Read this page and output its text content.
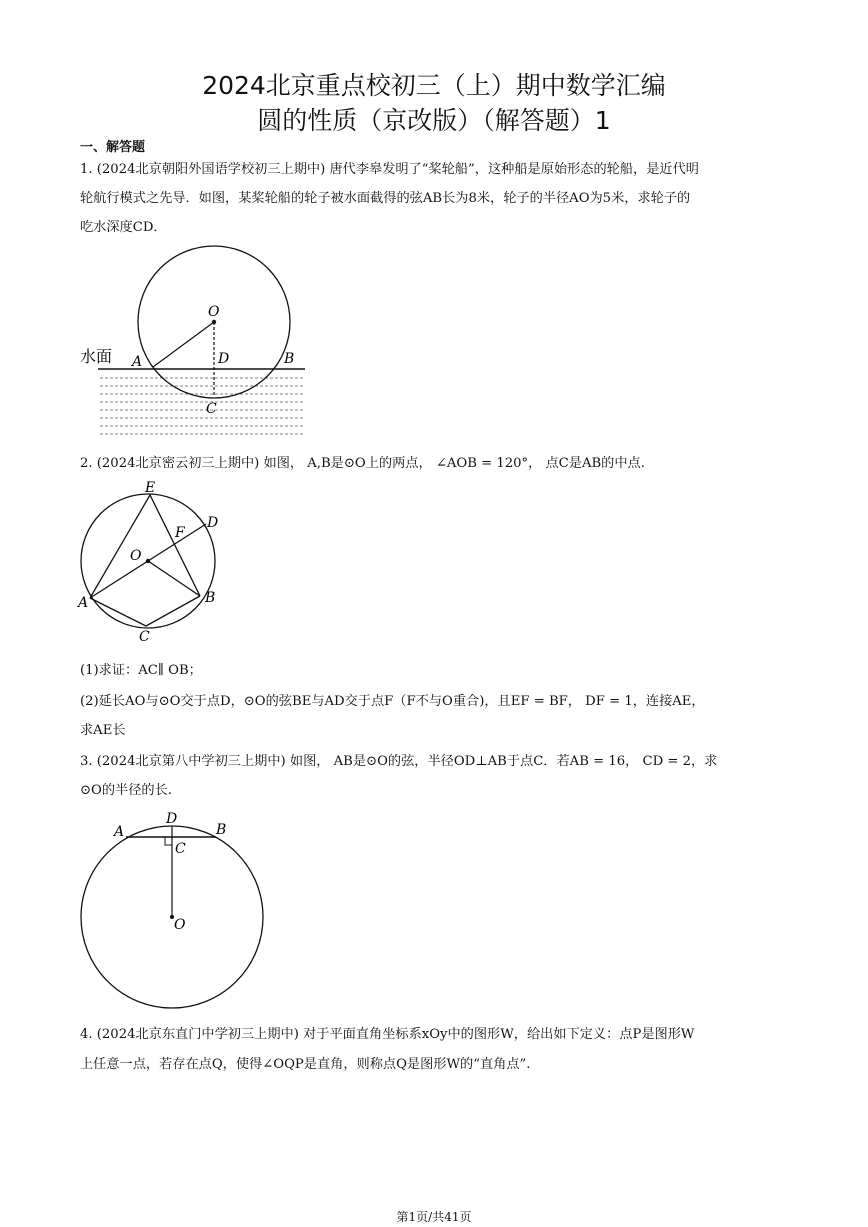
2024北京重点校初三（上）期中数学汇编
圆的性质（京改版）（解答题）1
一、解答题
1. (2024北京朝阳外国语学校初三上期中) 唐代李皋发明了“桨轮船”，这种船是原始形态的轮船，是近代明
轮航行模式之先导．如图，某桨轮船的轮子被水面截得的弦AB长为8米，轮子的半径AO为5米，求轮子的
吃水深度CD．
水面
O
A	D	B
C
E
D
F
O
A	B
C
A	B
D
C
O
2. (2024北京密云初三上期中) 如图， A,B是⊙O上的两点， ∠AOB = 120°， 点C是AB的中点.
(1)求证：AC∥ OB；
(2)延长AO与⊙O交于点D，⊙O的弦BE与AD交于点F（F不与O重合)，且EF = BF， DF = 1，连接AE，
求AE长
3. (2024北京第八中学初三上期中) 如图， AB是⊙O的弦，半径OD⊥AB于点C．若AB = 16， CD = 2，求
⊙O的半径的长.
4. (2024北京东直门中学初三上期中) 对于平面直角坐标系xOy中的图形W，给出如下定义：点P是图形W
上任意一点，若存在点Q，使得∠OQP是直角，则称点Q是图形W的“直角点”.
第1页/共41页
